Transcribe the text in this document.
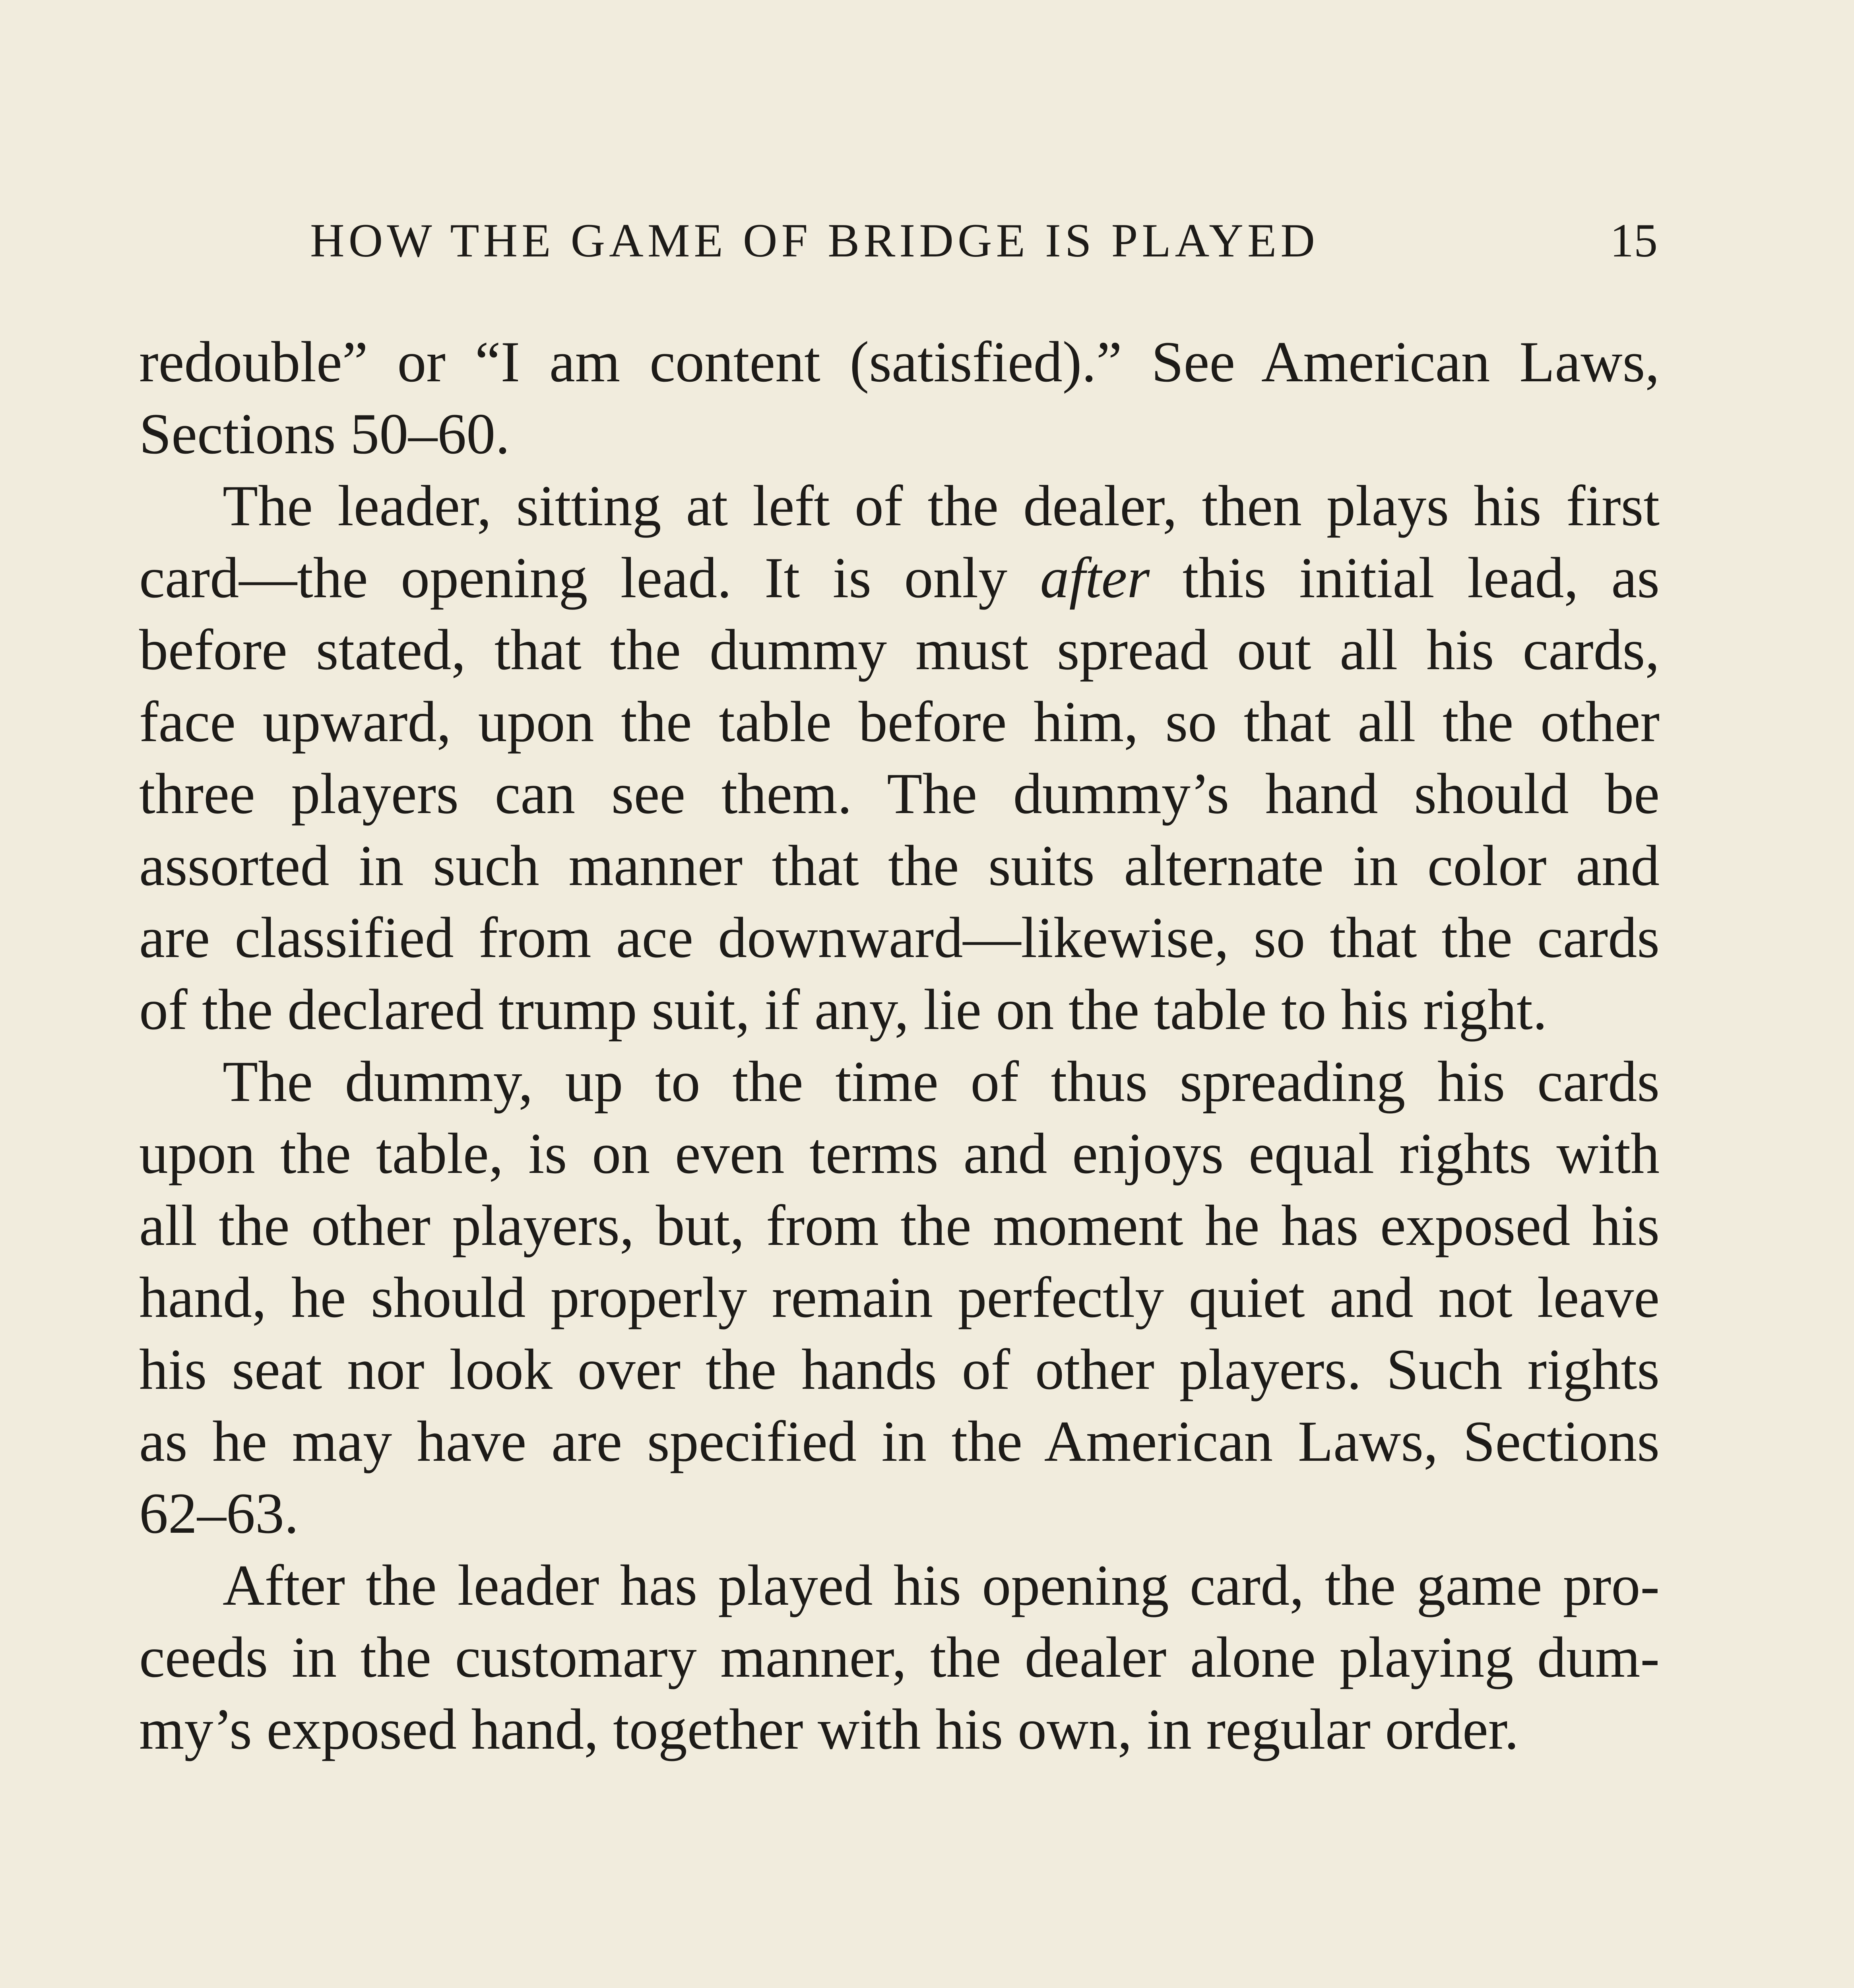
HOW THE GAME OF BRIDGE IS PLAYED	15
redouble” or “I am content (satisfied).” See American Laws,
Sections 50–60.
The leader, sitting at left of the dealer, then plays his first
card—the opening lead. It is only after this initial lead, as
before stated, that the dummy must spread out all his cards,
face upward, upon the table before him, so that all the other
three players can see them. The dummy’s hand should be
assorted in such manner that the suits alternate in color and
are classified from ace downward—likewise, so that the cards
of the declared trump suit, if any, lie on the table to his right.
The dummy, up to the time of thus spreading his cards
upon the table, is on even terms and enjoys equal rights with
all the other players, but, from the moment he has exposed his
hand, he should properly remain perfectly quiet and not leave
his seat nor look over the hands of other players. Such rights
as he may have are specified in the American Laws, Sections
62–63.
After the leader has played his opening card, the game pro-
ceeds in the customary manner, the dealer alone playing dum-
my’s exposed hand, together with his own, in regular order.
